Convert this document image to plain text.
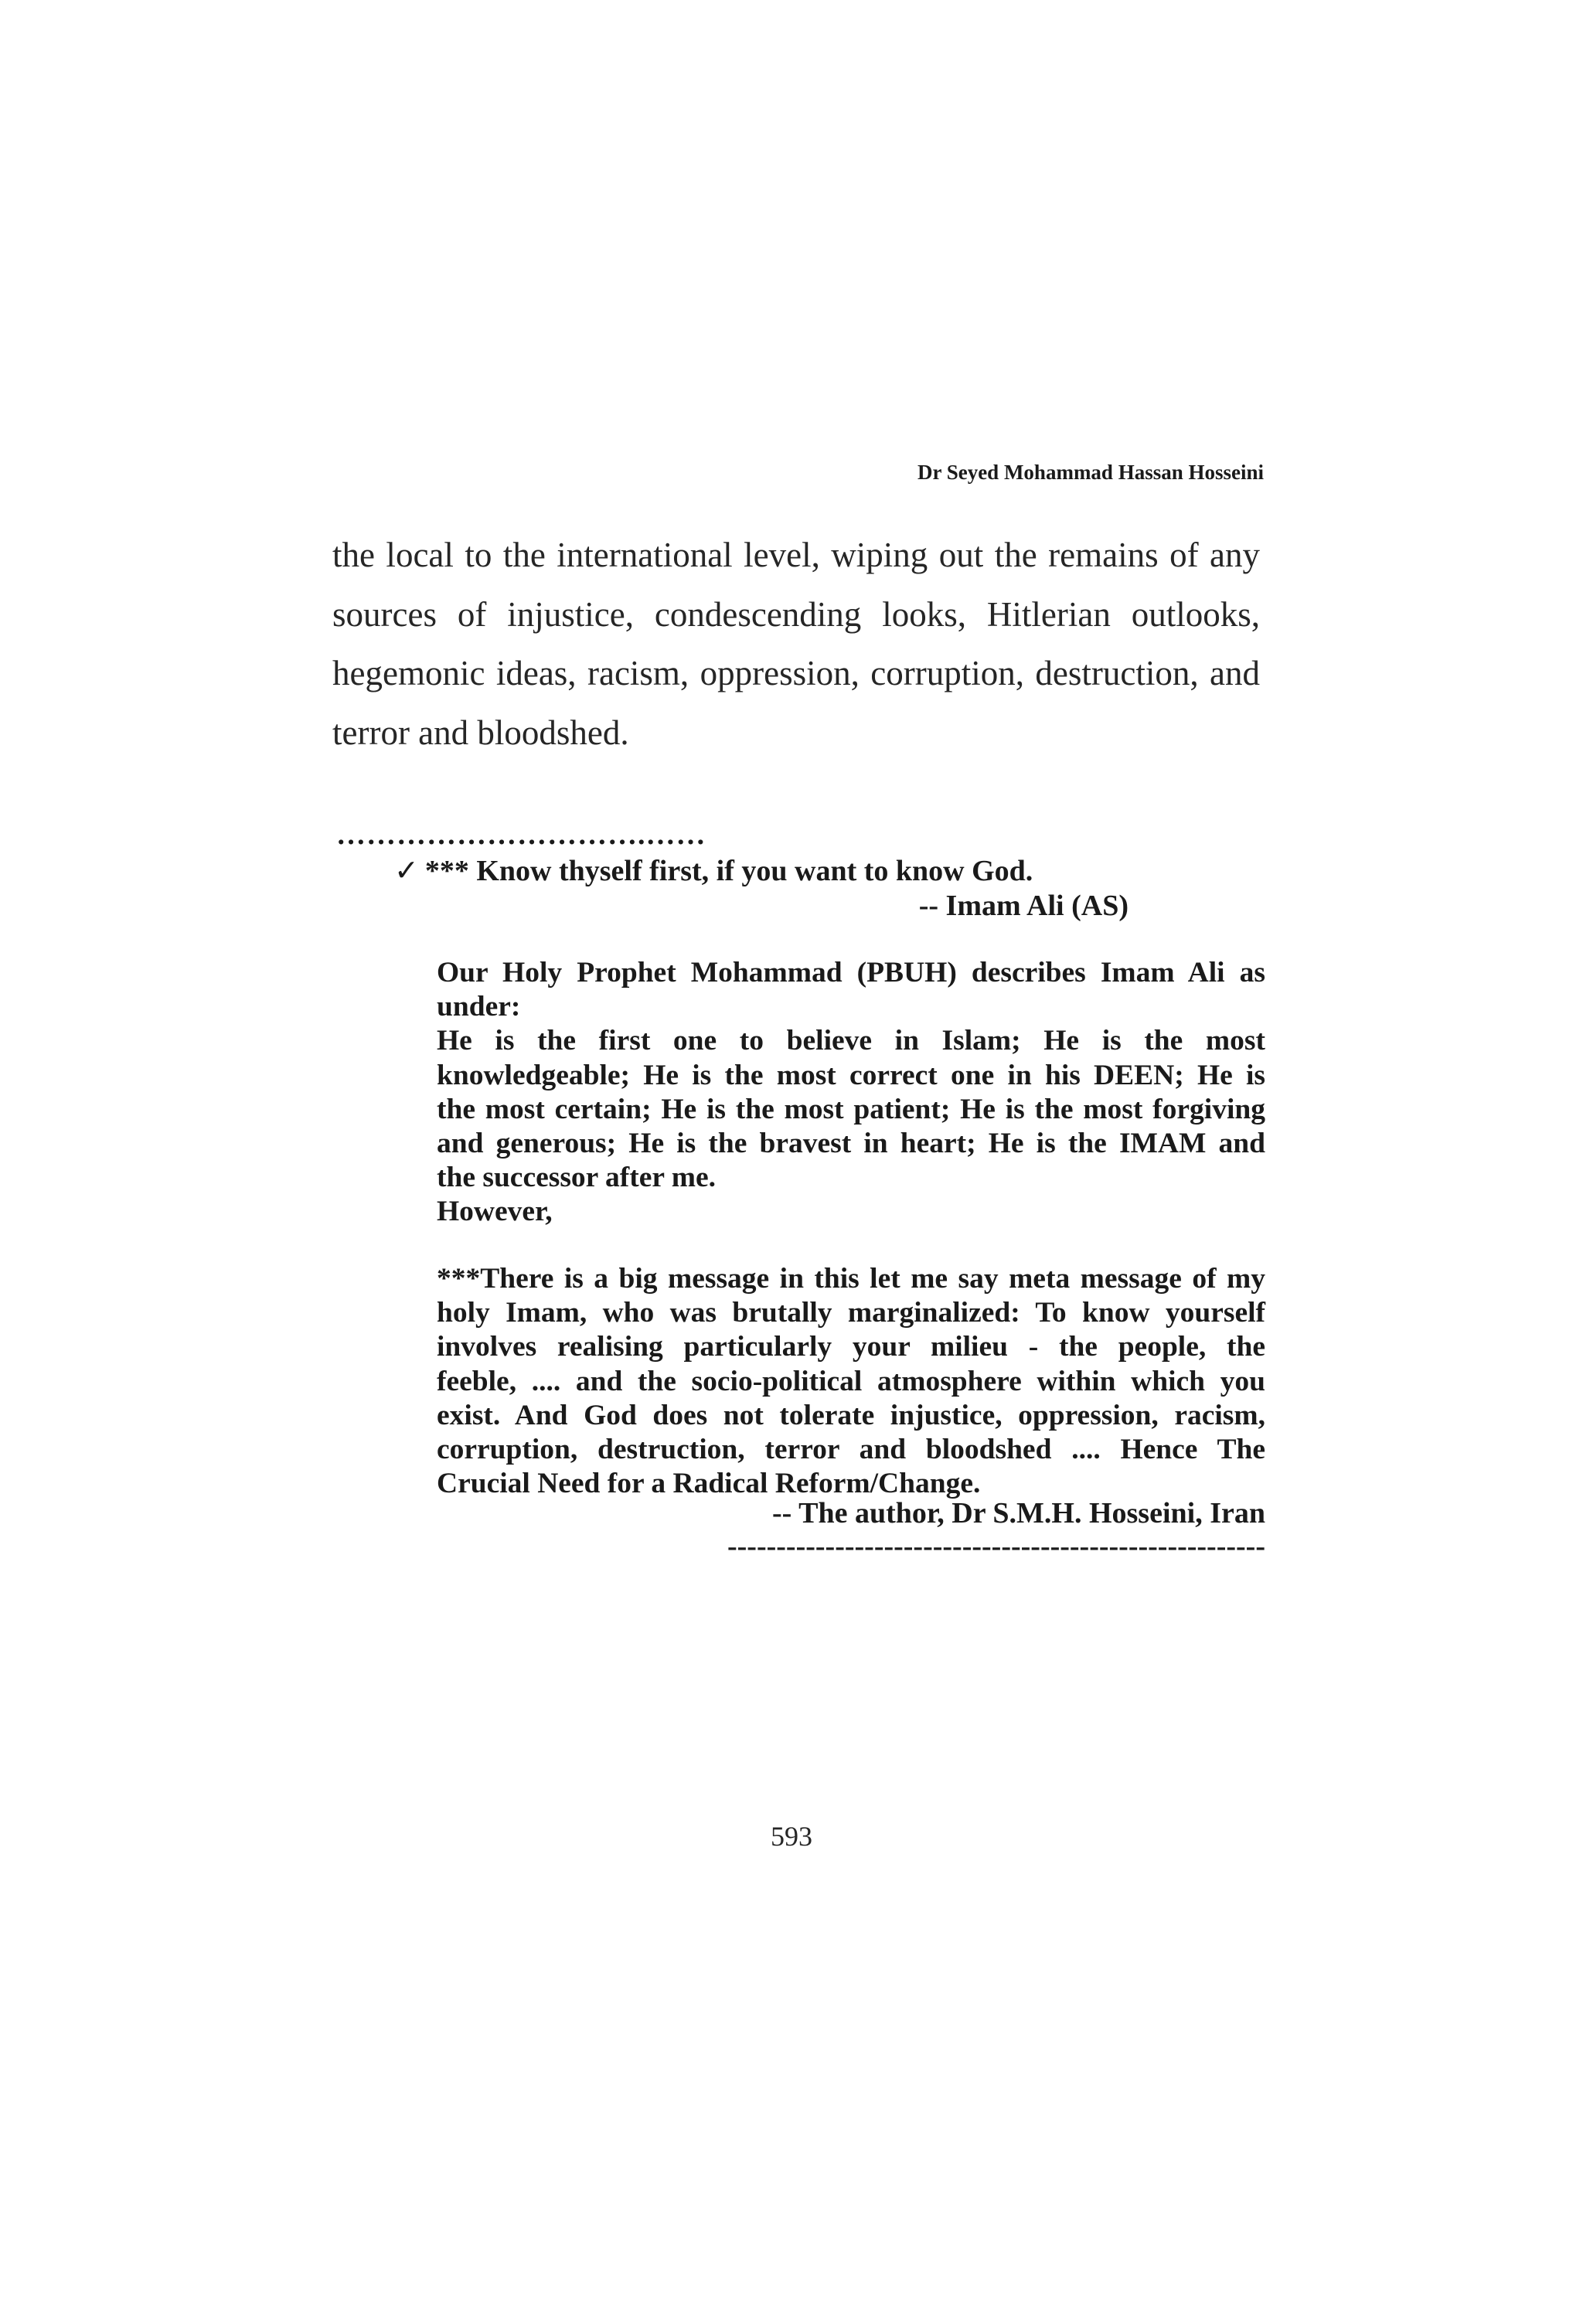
Dr Seyed Mohammad Hassan Hosseini
the local to the international level, wiping out the remains of any
sources of injustice, condescending looks, Hitlerian outlooks,
hegemonic ideas, racism, oppression, corruption, destruction, and
terror and bloodshed.
………………………….……
✓ *** Know thyself first, if you want to know God.
-- Imam Ali (AS)
Our Holy Prophet Mohammad (PBUH) describes Imam Ali as
under:
He is the first one to believe in Islam; He is the most
knowledgeable; He is the most correct one in his DEEN; He is
the most certain; He is the most patient; He is the most forgiving
and generous; He is the bravest in heart; He is the IMAM and
the successor after me.
However,
***There is a big message in this let me say meta message of my
holy Imam, who was brutally marginalized: To know yourself
involves realising particularly your milieu - the people, the
feeble, .... and the socio-political atmosphere within which you
exist. And God does not tolerate injustice, oppression, racism,
corruption, destruction, terror and bloodshed .... Hence The
Crucial Need for a Radical Reform/Change.
-- The author, Dr S.M.H. Hosseini, Iran
-------------------------------------------------------
593
